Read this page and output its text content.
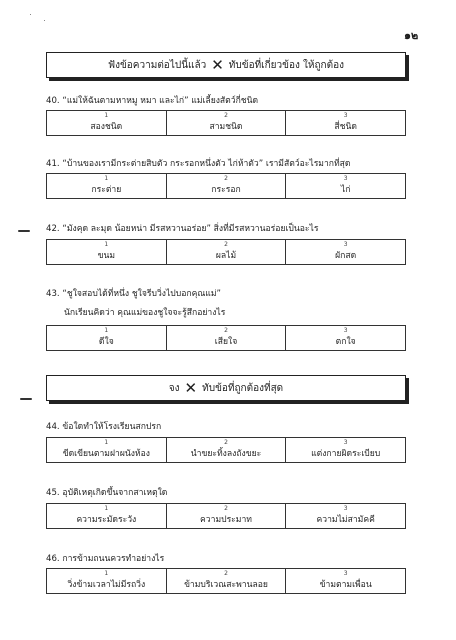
๑๒
ฟังข้อความต่อไปนี้แล้ว ✕ ทับข้อที่เกี่ยวข้อง ให้ถูกต้อง
40. “แม่ให้ฉันตามหาหมู หมา และไก่” แม่เลี้ยงสัตว์กี่ชนิด
1
สองชนิด
2
สามชนิด
3
สี่ชนิด
41. “บ้านของเรามีกระต่ายสิบตัว กระรอกหนึ่งตัว ไก่ห้าตัว” เรามีสัตว์อะไรมากที่สุด
1
กระต่าย
2
กระรอก
3
ไก่
42. “มังคุด ละมุด น้อยหน่า มีรสหวานอร่อย” สิ่งที่มีรสหวานอร่อยเป็นอะไร
1
ขนม
2
ผลไม้
3
ผักสด
43. “ชูใจสอบได้ที่หนึ่ง ชูใจรีบวิ่งไปบอกคุณแม่”
นักเรียนคิดว่า คุณแม่ของชูใจจะรู้สึกอย่างไร
1
ดีใจ
2
เสียใจ
3
ตกใจ
จง ✕ ทับข้อที่ถูกต้องที่สุด
44. ข้อใดทำให้โรงเรียนสกปรก
1
ขีดเขียนตามฝาผนังห้อง
2
นำขยะทิ้งลงถังขยะ
3
แต่งกายผิดระเบียบ
45. อุบัติเหตุเกิดขึ้นจากสาเหตุใด
1
ความระมัดระวัง
2
ความประมาท
3
ความไม่สามัคคี
46. การข้ามถนนควรทำอย่างไร
1
วิ่งข้ามเวลาไม่มีรถวิ่ง
2
ข้ามบริเวณสะพานลอย
3
ข้ามตามเพื่อน
